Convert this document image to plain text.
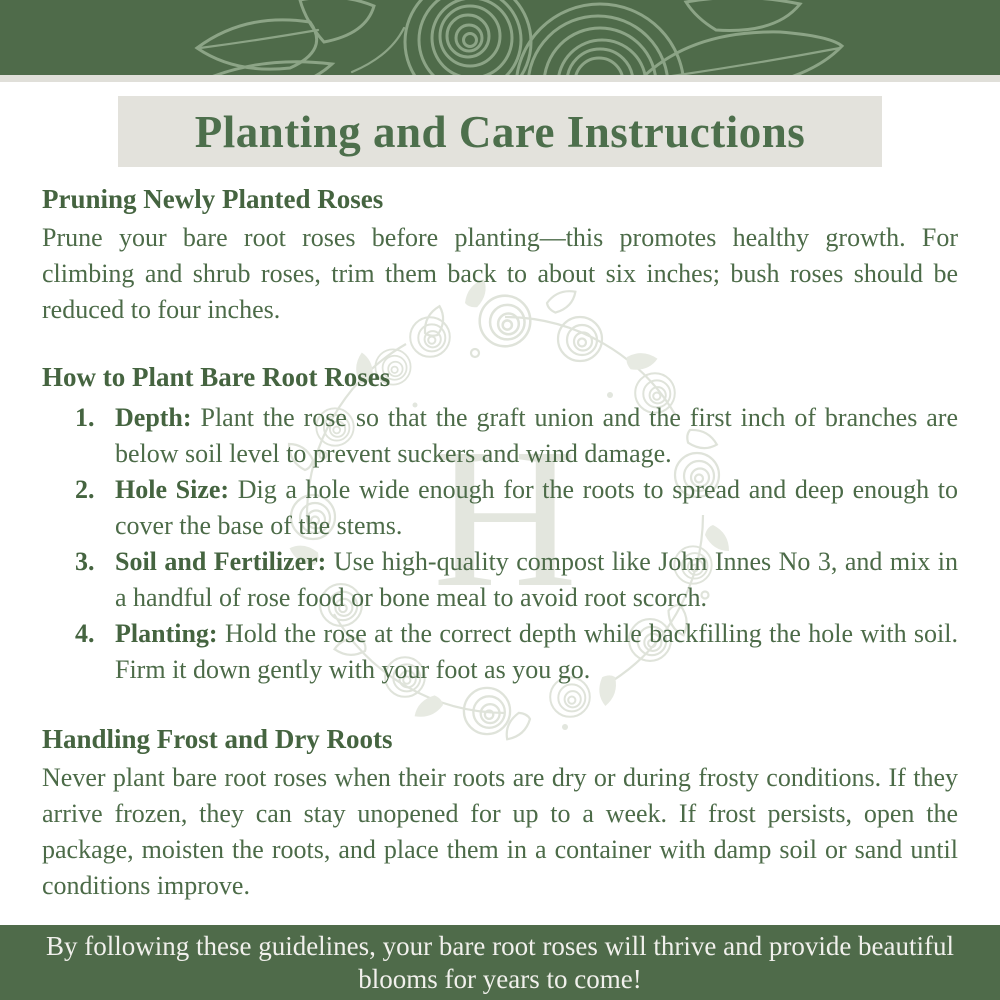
H
Planting and Care Instructions
Pruning Newly Planted Roses

Prune your bare root roses before planting—this promotes healthy growth. For climbing and shrub roses, trim them back to about six inches; bush roses should be reduced to four inches.

How to Plant Bare Root Roses
1. Depth: Plant the rose so that the graft union and the first inch of branches are below soil level to prevent suckers and wind damage.
2. Hole Size: Dig a hole wide enough for the roots to spread and deep enough to cover the base of the stems.
3. Soil and Fertilizer: Use high-quality compost like John Innes No 3, and mix in a handful of rose food or bone meal to avoid root scorch.
4. Planting: Hold the rose at the correct depth while backfilling the hole with soil. Firm it down gently with your foot as you go.
Handling Frost and Dry Roots

Never plant bare root roses when their roots are dry or during frosty conditions. If they arrive frozen, they can stay unopened for up to a week. If frost persists, open the package, moisten the roots, and place them in a container with damp soil or sand until conditions improve.

By following these guidelines, your bare root roses will thrive and provide beautiful blooms for years to come!
